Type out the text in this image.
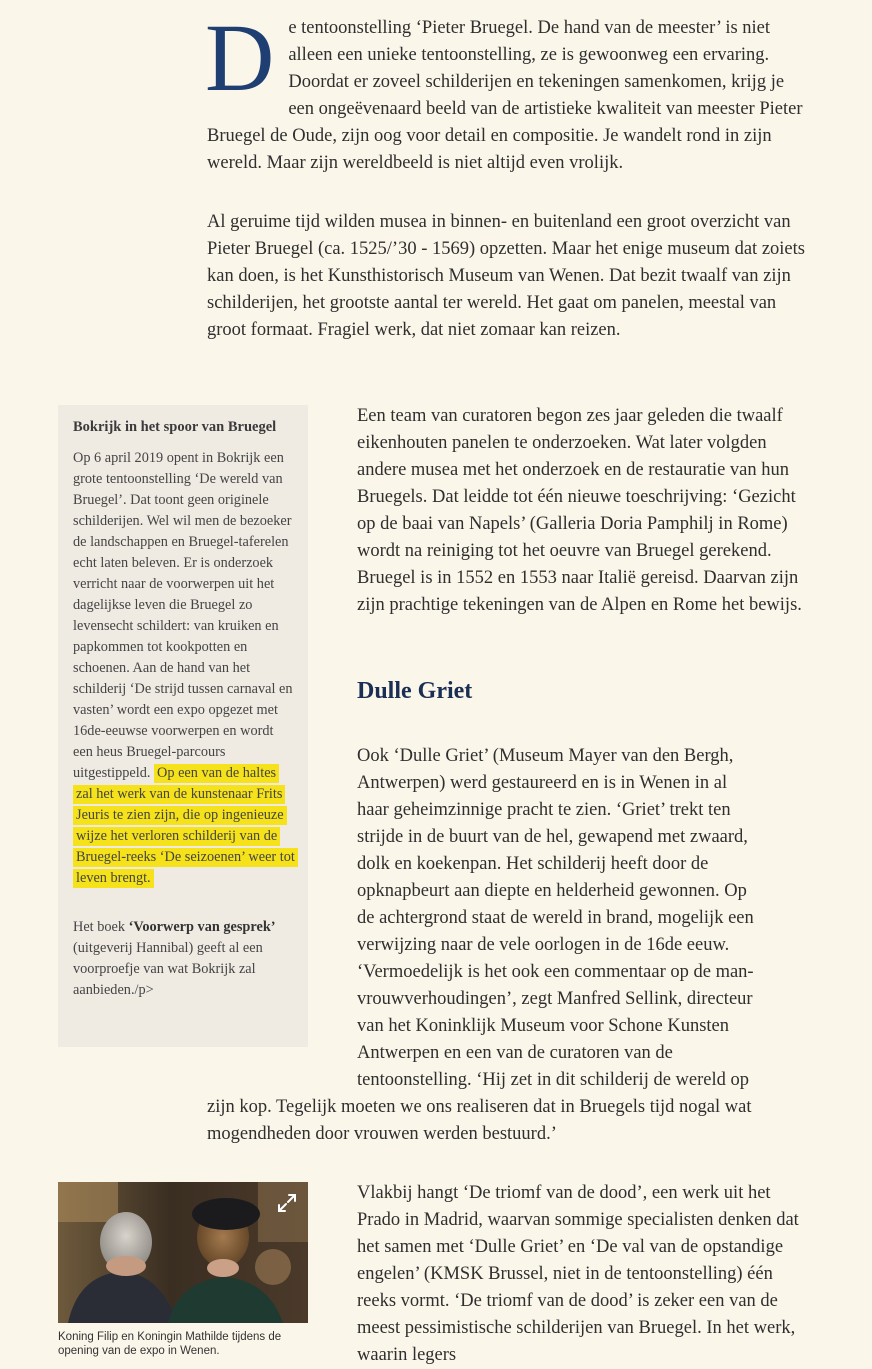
De tentoonstelling ‘Pieter Bruegel. De hand van de meester’ is niet alleen een unieke tentoonstelling, ze is gewoonweg een ervaring. Doordat er zoveel schilderijen en tekeningen samenkomen, krijg je een ongeëvenaard beeld van de artistieke kwaliteit van meester Pieter Bruegel de Oude, zijn oog voor detail en compositie. Je wandelt rond in zijn wereld. Maar zijn wereldbeeld is niet altijd even vrolijk.

Al geruime tijd wilden musea in binnen- en buitenland een groot overzicht van Pieter Bruegel (ca. 1525/’30 - 1569) opzetten. Maar het enige museum dat zoiets kan doen, is het Kunsthistorisch Museum van Wenen. Dat bezit twaalf van zijn schilderijen, het grootste aantal ter wereld. Het gaat om panelen, meestal van groot formaat. Fragiel werk, dat niet zomaar kan reizen.

Bokrijk in het spoor van Bruegel

Op 6 april 2019 opent in Bokrijk een grote tentoonstelling ‘De wereld van Bruegel’. Dat toont geen originele schilderijen. Wel wil men de bezoeker de landschappen en Bruegel-taferelen echt laten beleven. Er is onderzoek verricht naar de voorwerpen uit het dagelijkse leven die Bruegel zo levensecht schildert: van kruiken en papkommen tot kookpotten en schoenen. Aan de hand van het schilderij ‘De strijd tussen carnaval en vasten’ wordt een expo opgezet met 16de-eeuwse voorwerpen en wordt een heus Bruegel-parcours uitgestippeld. Op een van de haltes zal het werk van de kunstenaar Frits Jeuris te zien zijn, die op ingenieuze wijze het verloren schilderij van de Bruegel-reeks ‘De seizoenen’ weer tot leven brengt.

Het boek ‘Voorwerp van gesprek’ (uitgeverij Hannibal) geeft al een voorproefje van wat Bokrijk zal aanbieden./p>

Een team van curatoren begon zes jaar geleden die twaalf eikenhouten panelen te onderzoeken. Wat later volgden andere musea met het onderzoek en de restauratie van hun Bruegels. Dat leidde tot één nieuwe toeschrijving: ‘Gezicht op de baai van Napels’ (Galleria Doria Pamphilj in Rome) wordt na reiniging tot het oeuvre van Bruegel gerekend. Bruegel is in 1552 en 1553 naar Italië gereisd. Daarvan zijn zijn prachtige tekeningen van de Alpen en Rome het bewijs.

Dulle Griet
Ook ‘Dulle Griet’ (Museum Mayer van den Bergh,
Antwerpen) werd gestaureerd en is in Wenen in al
haar geheimzinnige pracht te zien. ‘Griet’ trekt ten
strijde in de buurt van de hel, gewapend met zwaard,
dolk en koekenpan. Het schilderij heeft door de
opknapbeurt aan diepte en helderheid gewonnen. Op
de achtergrond staat de wereld in brand, mogelijk een
verwijzing naar de vele oorlogen in de 16de eeuw.
‘Vermoedelijk is het ook een commentaar op de man-
vrouwverhoudingen’, zegt Manfred Sellink, directeur
van het Koninklijk Museum voor Schone Kunsten
Antwerpen en een van de curatoren van de
tentoonstelling. ‘Hij zet in dit schilderij de wereld op
zijn kop. Tegelijk moeten we ons realiseren dat in Bruegels tijd nogal wat mogendheden door vrouwen werden bestuurd.’

Koning Filip en Koningin Mathilde tijdens de opening van de expo in Wenen.

Vlakbij hangt ‘De triomf van de dood’, een werk uit het Prado in Madrid, waarvan sommige specialisten denken dat het samen met ‘Dulle Griet’ en ‘De val van de opstandige engelen’ (KMSK Brussel, niet in de tentoonstelling) één reeks vormt. ‘De triomf van de dood’ is zeker een van de meest pessimistische schilderijen van Bruegel. In het werk, waarin legers
